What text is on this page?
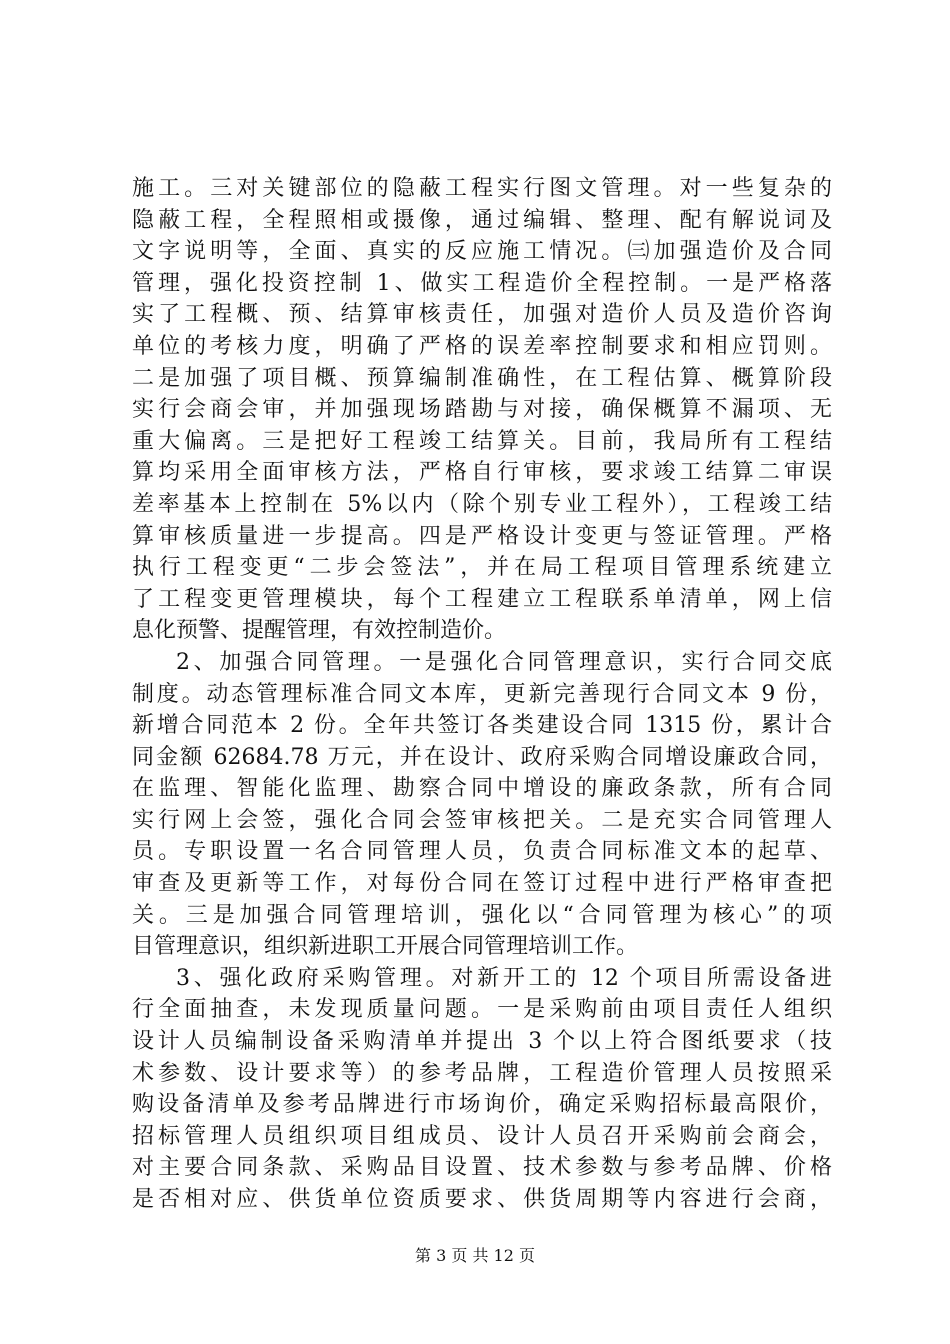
施工。三对关键部位的隐蔽工程实行图文管理。对一些复杂的
隐蔽工程，全程照相或摄像，通过编辑、整理、配有解说词及
文字说明等，全面、真实的反应施工情况。㈢加强造价及合同
管理，强化投资控制 1、做实工程造价全程控制。一是严格落
实了工程概、预、结算审核责任，加强对造价人员及造价咨询
单位的考核力度，明确了严格的误差率控制要求和相应罚则。
二是加强了项目概、预算编制准确性，在工程估算、概算阶段
实行会商会审，并加强现场踏勘与对接，确保概算不漏项、无
重大偏离。三是把好工程竣工结算关。目前，我局所有工程结
算均采用全面审核方法，严格自行审核，要求竣工结算二审误
差率基本上控制在 5%以内（除个别专业工程外），工程竣工结
算审核质量进一步提高。四是严格设计变更与签证管理。严格
执行工程变更“二步会签法”，并在局工程项目管理系统建立
了工程变更管理模块，每个工程建立工程联系单清单，网上信
息化预警、提醒管理，有效控制造价。
2、加强合同管理。一是强化合同管理意识，实行合同交底
制度。动态管理标准合同文本库，更新完善现行合同文本 9 份，
新增合同范本 2 份。全年共签订各类建设合同 1315 份，累计合
同金额 62684.78 万元，并在设计、政府采购合同增设廉政合同，
在监理、智能化监理、勘察合同中增设的廉政条款，所有合同
实行网上会签，强化合同会签审核把关。二是充实合同管理人
员。专职设置一名合同管理人员，负责合同标准文本的起草、
审查及更新等工作，对每份合同在签订过程中进行严格审查把
关。三是加强合同管理培训，强化以“合同管理为核心”的项
目管理意识，组织新进职工开展合同管理培训工作。
3、强化政府采购管理。对新开工的 12 个项目所需设备进
行全面抽查，未发现质量问题。一是采购前由项目责任人组织
设计人员编制设备采购清单并提出 3 个以上符合图纸要求（技
术参数、设计要求等）的参考品牌，工程造价管理人员按照采
购设备清单及参考品牌进行市场询价，确定采购招标最高限价，
招标管理人员组织项目组成员、设计人员召开采购前会商会，
对主要合同条款、采购品目设置、技术参数与参考品牌、价格
是否相对应、供货单位资质要求、供货周期等内容进行会商，
第 3 页 共 12 页
